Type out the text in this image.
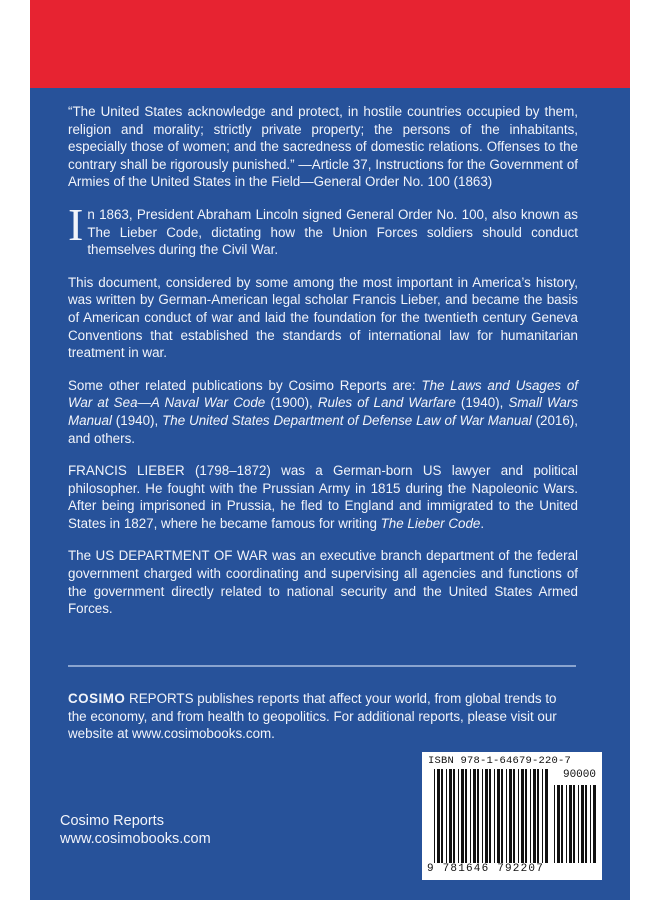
“The United States acknowledge and protect, in hostile countries occupied by them, religion and morality; strictly private property; the persons of the inhabitants, especially those of women; and the sacredness of domestic relations. Offenses to the contrary shall be rigorously punished.” —Article 37, Instructions for the Government of Armies of the United States in the Field—General Order No. 100 (1863)

In 1863, President Abraham Lincoln signed General Order No. 100, also known as The Lieber Code, dictating how the Union Forces soldiers should conduct themselves during the Civil War.

This document, considered by some among the most important in America’s history, was written by German-American legal scholar Francis Lieber, and became the basis of American conduct of war and laid the foundation for the twentieth century Geneva Conventions that established the standards of international law for humanitarian treatment in war.

Some other related publications by Cosimo Reports are: The Laws and Usages of War at Sea—A Naval War Code (1900), Rules of Land Warfare (1940), Small Wars Manual (1940), The United States Department of Defense Law of War Manual (2016), and others.

FRANCIS LIEBER (1798–1872) was a German-born US lawyer and political philosopher. He fought with the Prussian Army in 1815 during the Napoleonic Wars. After being imprisoned in Prussia, he fled to England and immigrated to the United States in 1827, where he became famous for writing The Lieber Code.

The US DEPARTMENT OF WAR was an executive branch department of the federal government charged with coordinating and supervising all agencies and functions of the government directly related to national security and the United States Armed Forces.

COSIMO REPORTS publishes reports that affect your world, from global trends to the economy, and from health to geopolitics. For additional reports, please visit our website at www.cosimobooks.com.
ISBN 978-1-64679-220-7
90000
9 781646 792207
Cosimo Reports
www.cosimobooks.com
